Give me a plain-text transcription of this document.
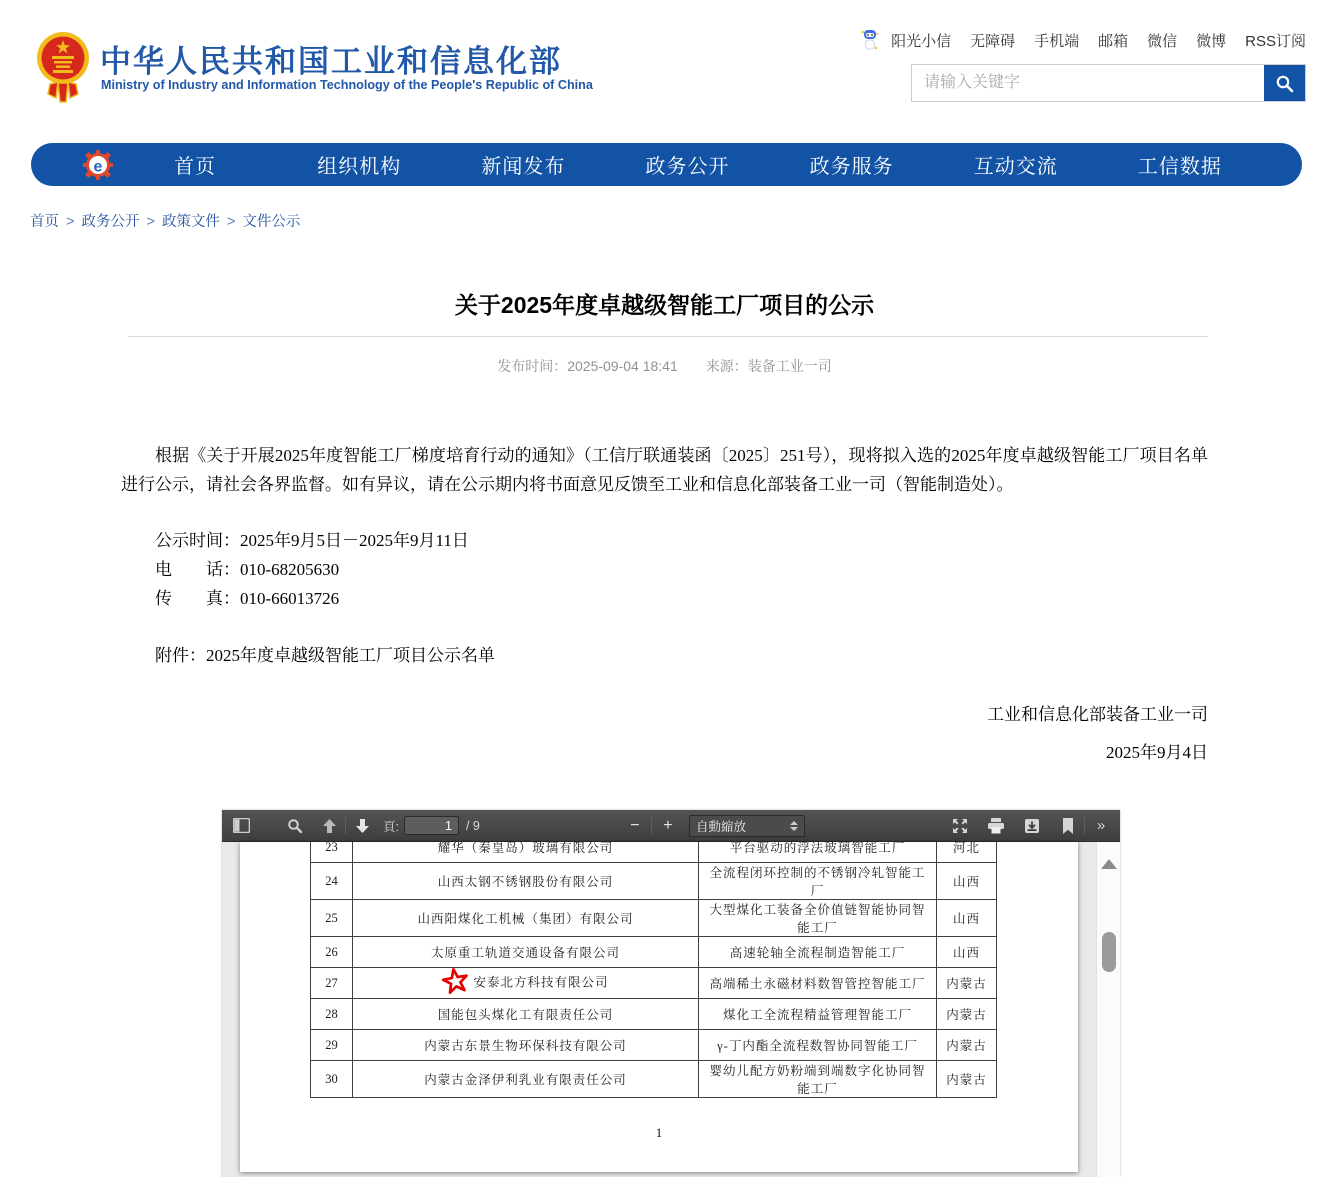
中华人民共和国工业和信息化部
Ministry of Industry and Information Technology of the People's Republic of China
阳光小信 无障碍 手机端 邮箱 微信 微博 RSS订阅
请输入关键字
e	首页	组织机构	新闻发布	政务公开	政务服务	互动交流	工信数据
首页 > 政务公开 > 政策文件 > 文件公示
关于2025年度卓越级智能工厂项目的公示
发布时间：2025-09-04 18:41 来源：装备工业一司

根据《关于开展2025年度智能工厂梯度培育行动的通知》（工信厅联通装函〔2025〕251号），现将拟入选的2025年度卓越级智能工厂项目名单进行公示，请社会各界监督。如有异议，请在公示期内将书面意见反馈至工业和信息化部装备工业一司（智能制造处）。

公示时间：2025年9月5日－2025年9月11日

电　　话：010-68205630

传　　真：010-66013726

附件：2025年度卓越级智能工厂项目公示名单

工业和信息化部装备工业一司
2025年9月4日
頁:
1	/ 9	−	+	自動縮放	»
23	耀华（秦皇岛）玻璃有限公司	平台驱动的浮法玻璃智能工厂	河北
24	山西太钢不锈钢股份有限公司	全流程闭环控制的不锈钢冷轧智能工厂	山西
25	山西阳煤化工机械（集团）有限公司	大型煤化工装备全价值链智能协同智能工厂	山西
26	太原重工轨道交通设备有限公司	高速轮轴全流程制造智能工厂	山西
27	安泰北方科技有限公司	高端稀土永磁材料数智管控智能工厂	内蒙古
28	国能包头煤化工有限责任公司	煤化工全流程精益管理智能工厂	内蒙古
29	内蒙古东景生物环保科技有限公司	γ-丁内酯全流程数智协同智能工厂	内蒙古
30	内蒙古金泽伊利乳业有限责任公司	婴幼儿配方奶粉端到端数字化协同智能工厂	内蒙古
1
